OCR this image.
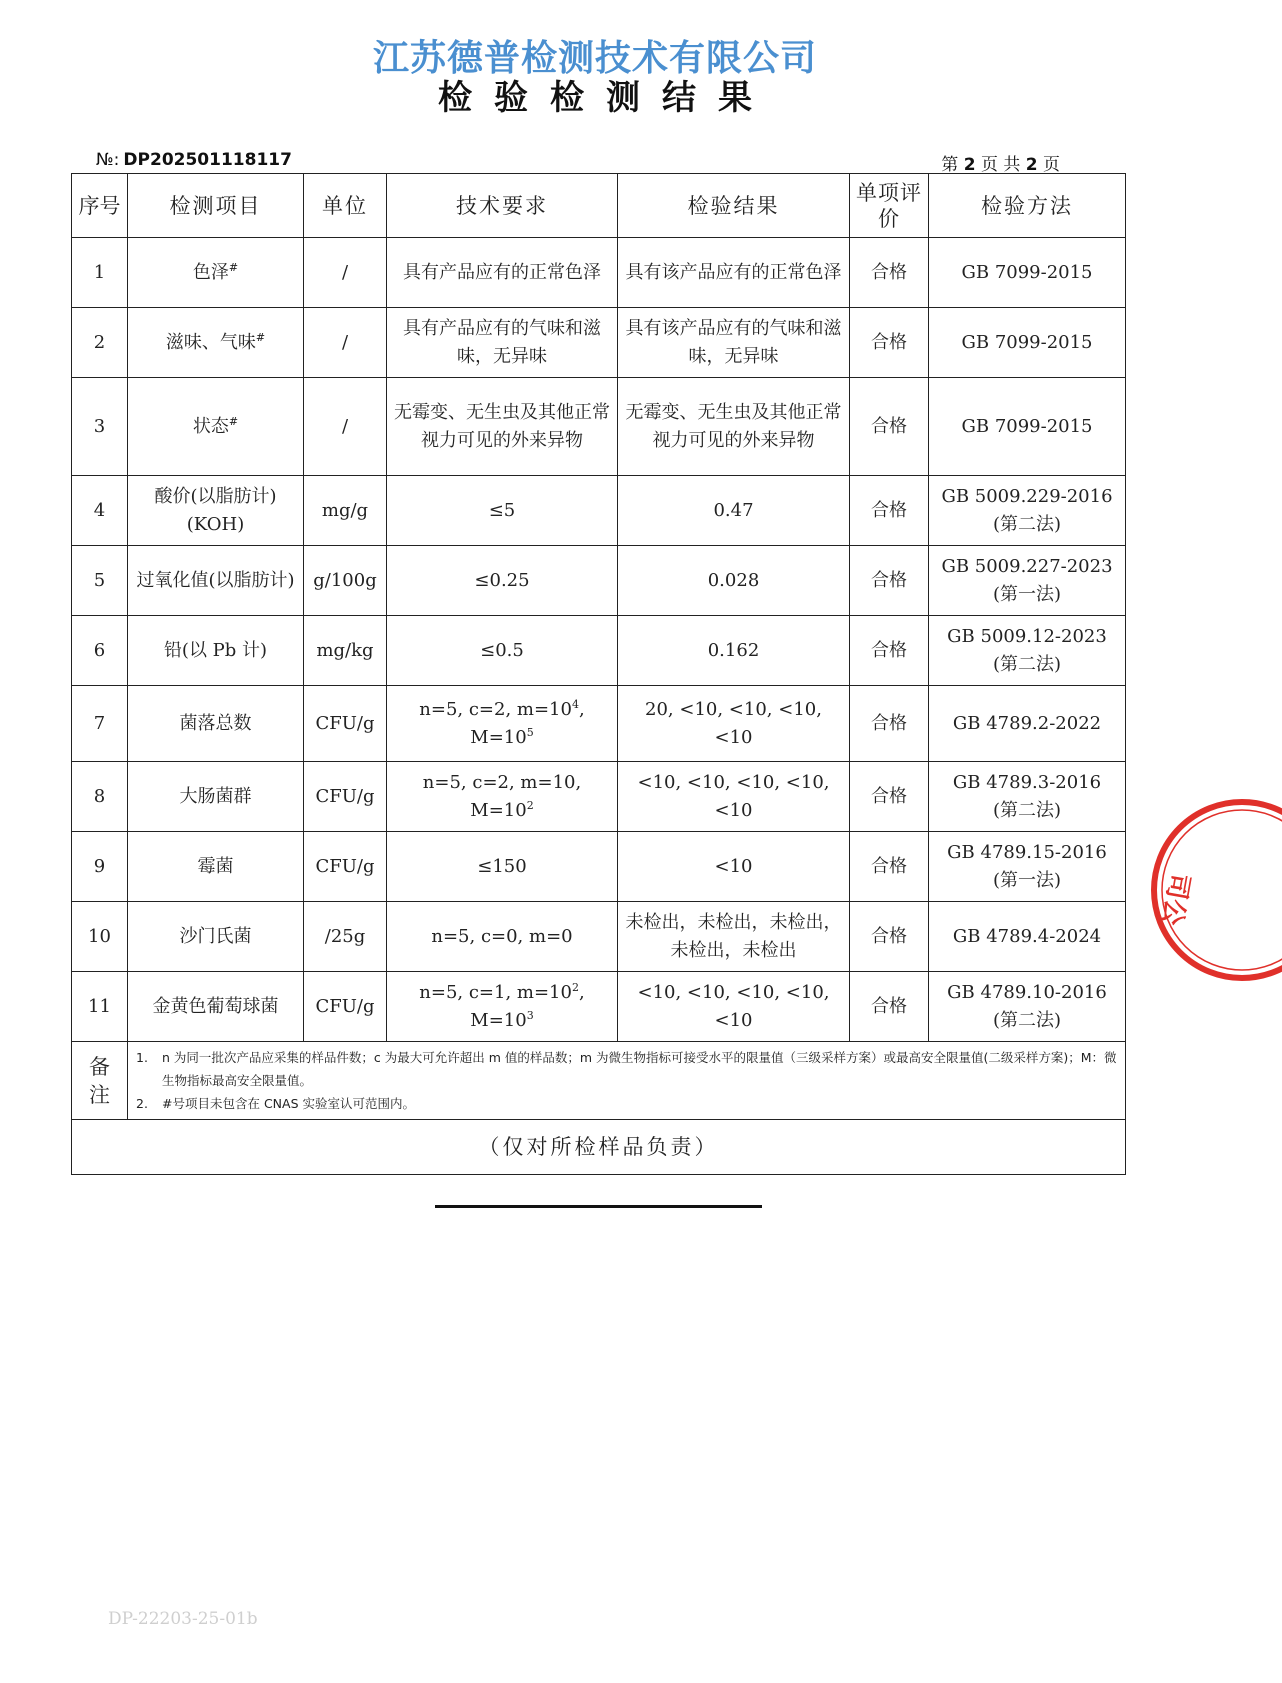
江苏德普检测技术有限公司
检验检测结果
№: DP202501118117	第 2 页 共 2 页
序号	检测项目	单位	技术要求	检验结果	单项评价	检验方法
1	色泽#	/	具有产品应有的正常色泽	具有该产品应有的正常色泽	合格	GB 7099-2015
2	滋味、气味#	/	具有产品应有的气味和滋味，无异味	具有该产品应有的气味和滋味，无异味	合格	GB 7099-2015
3	状态#	/	无霉变、无生虫及其他正常视力可见的外来异物	无霉变、无生虫及其他正常视力可见的外来异物	合格	GB 7099-2015
4	酸价(以脂肪计)(KOH)	mg/g	≤5	0.47	合格	GB 5009.229-2016
(第二法)
5	过氧化值(以脂肪计)	g/100g	≤0.25	0.028	合格	GB 5009.227-2023
(第一法)
6	铅(以 Pb 计)	mg/kg	≤0.5	0.162	合格	GB 5009.12-2023
(第二法)
7	菌落总数	CFU/g	n=5, c=2, $m=10^4$, $M=10^5$	20, <10, <10, <10, <10	合格	GB 4789.2-2022
8	大肠菌群	CFU/g	n=5, c=2, m=10, $M=10^2$	<10, <10, <10, <10, <10	合格	GB 4789.3-2016
(第二法)
9	霉菌	CFU/g	≤150	<10	合格	GB 4789.15-2016
(第一法)
10	沙门氏菌	/25g	n=5, c=0, m=0	未检出，未检出，未检出，未检出，未检出	合格	GB 4789.4-2024
11	金黄色葡萄球菌	CFU/g	n=5, c=1, $m=10^2$, $M=10^3$	<10, <10, <10, <10, <10	合格	GB 4789.10-2016
(第二法)
备注	1. n 为同一批次产品应采集的样品件数；c 为最大可允许超出 m 值的样品数；m 为微生物指标可接受水平的限量值（三级采样方案）或最高安全限量值(二级采样方案)；M：微生物指标最高安全限量值。
2. #号项目未包含在 CNAS 实验室认可范围内。					

（仅对所检样品负责）						
司公
DP-22203-25-01b
